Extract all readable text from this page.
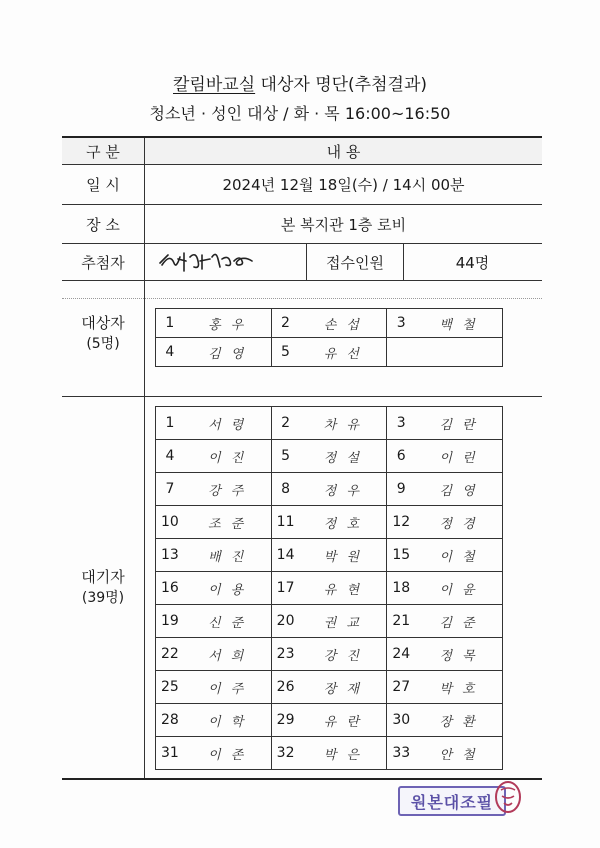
칼림바교실 대상자 명단(추첨결과)
청소년 · 성인 대상 / 화 · 목 16:00~16:50
구 분	내 용
일 시	2024년 12월 18일(수) / 14시 00분
장 소	본 복지관 1층 로비
추첨자	접수인원	44명
대상자
(5명)
1	홍 우	2	손 섭	3	백 철
4	김 영	5	유 선		
대기자
(39명)
1	서 령	2	차 유	3	김 란
4	이 진	5	정 설	6	이 린
7	강 주	8	정 우	9	김 영
10	조 준	11	정 호	12	정 경
13	배 진	14	박 원	15	이 철
16	이 용	17	유 현	18	이 윤
19	신 준	20	권 교	21	김 준
22	서 희	23	강 진	24	정 목
25	이 주	26	장 재	27	박 호
28	이 학	29	유 란	30	장 환
31	이 존	32	박 은	33	안 철
원본대조필
